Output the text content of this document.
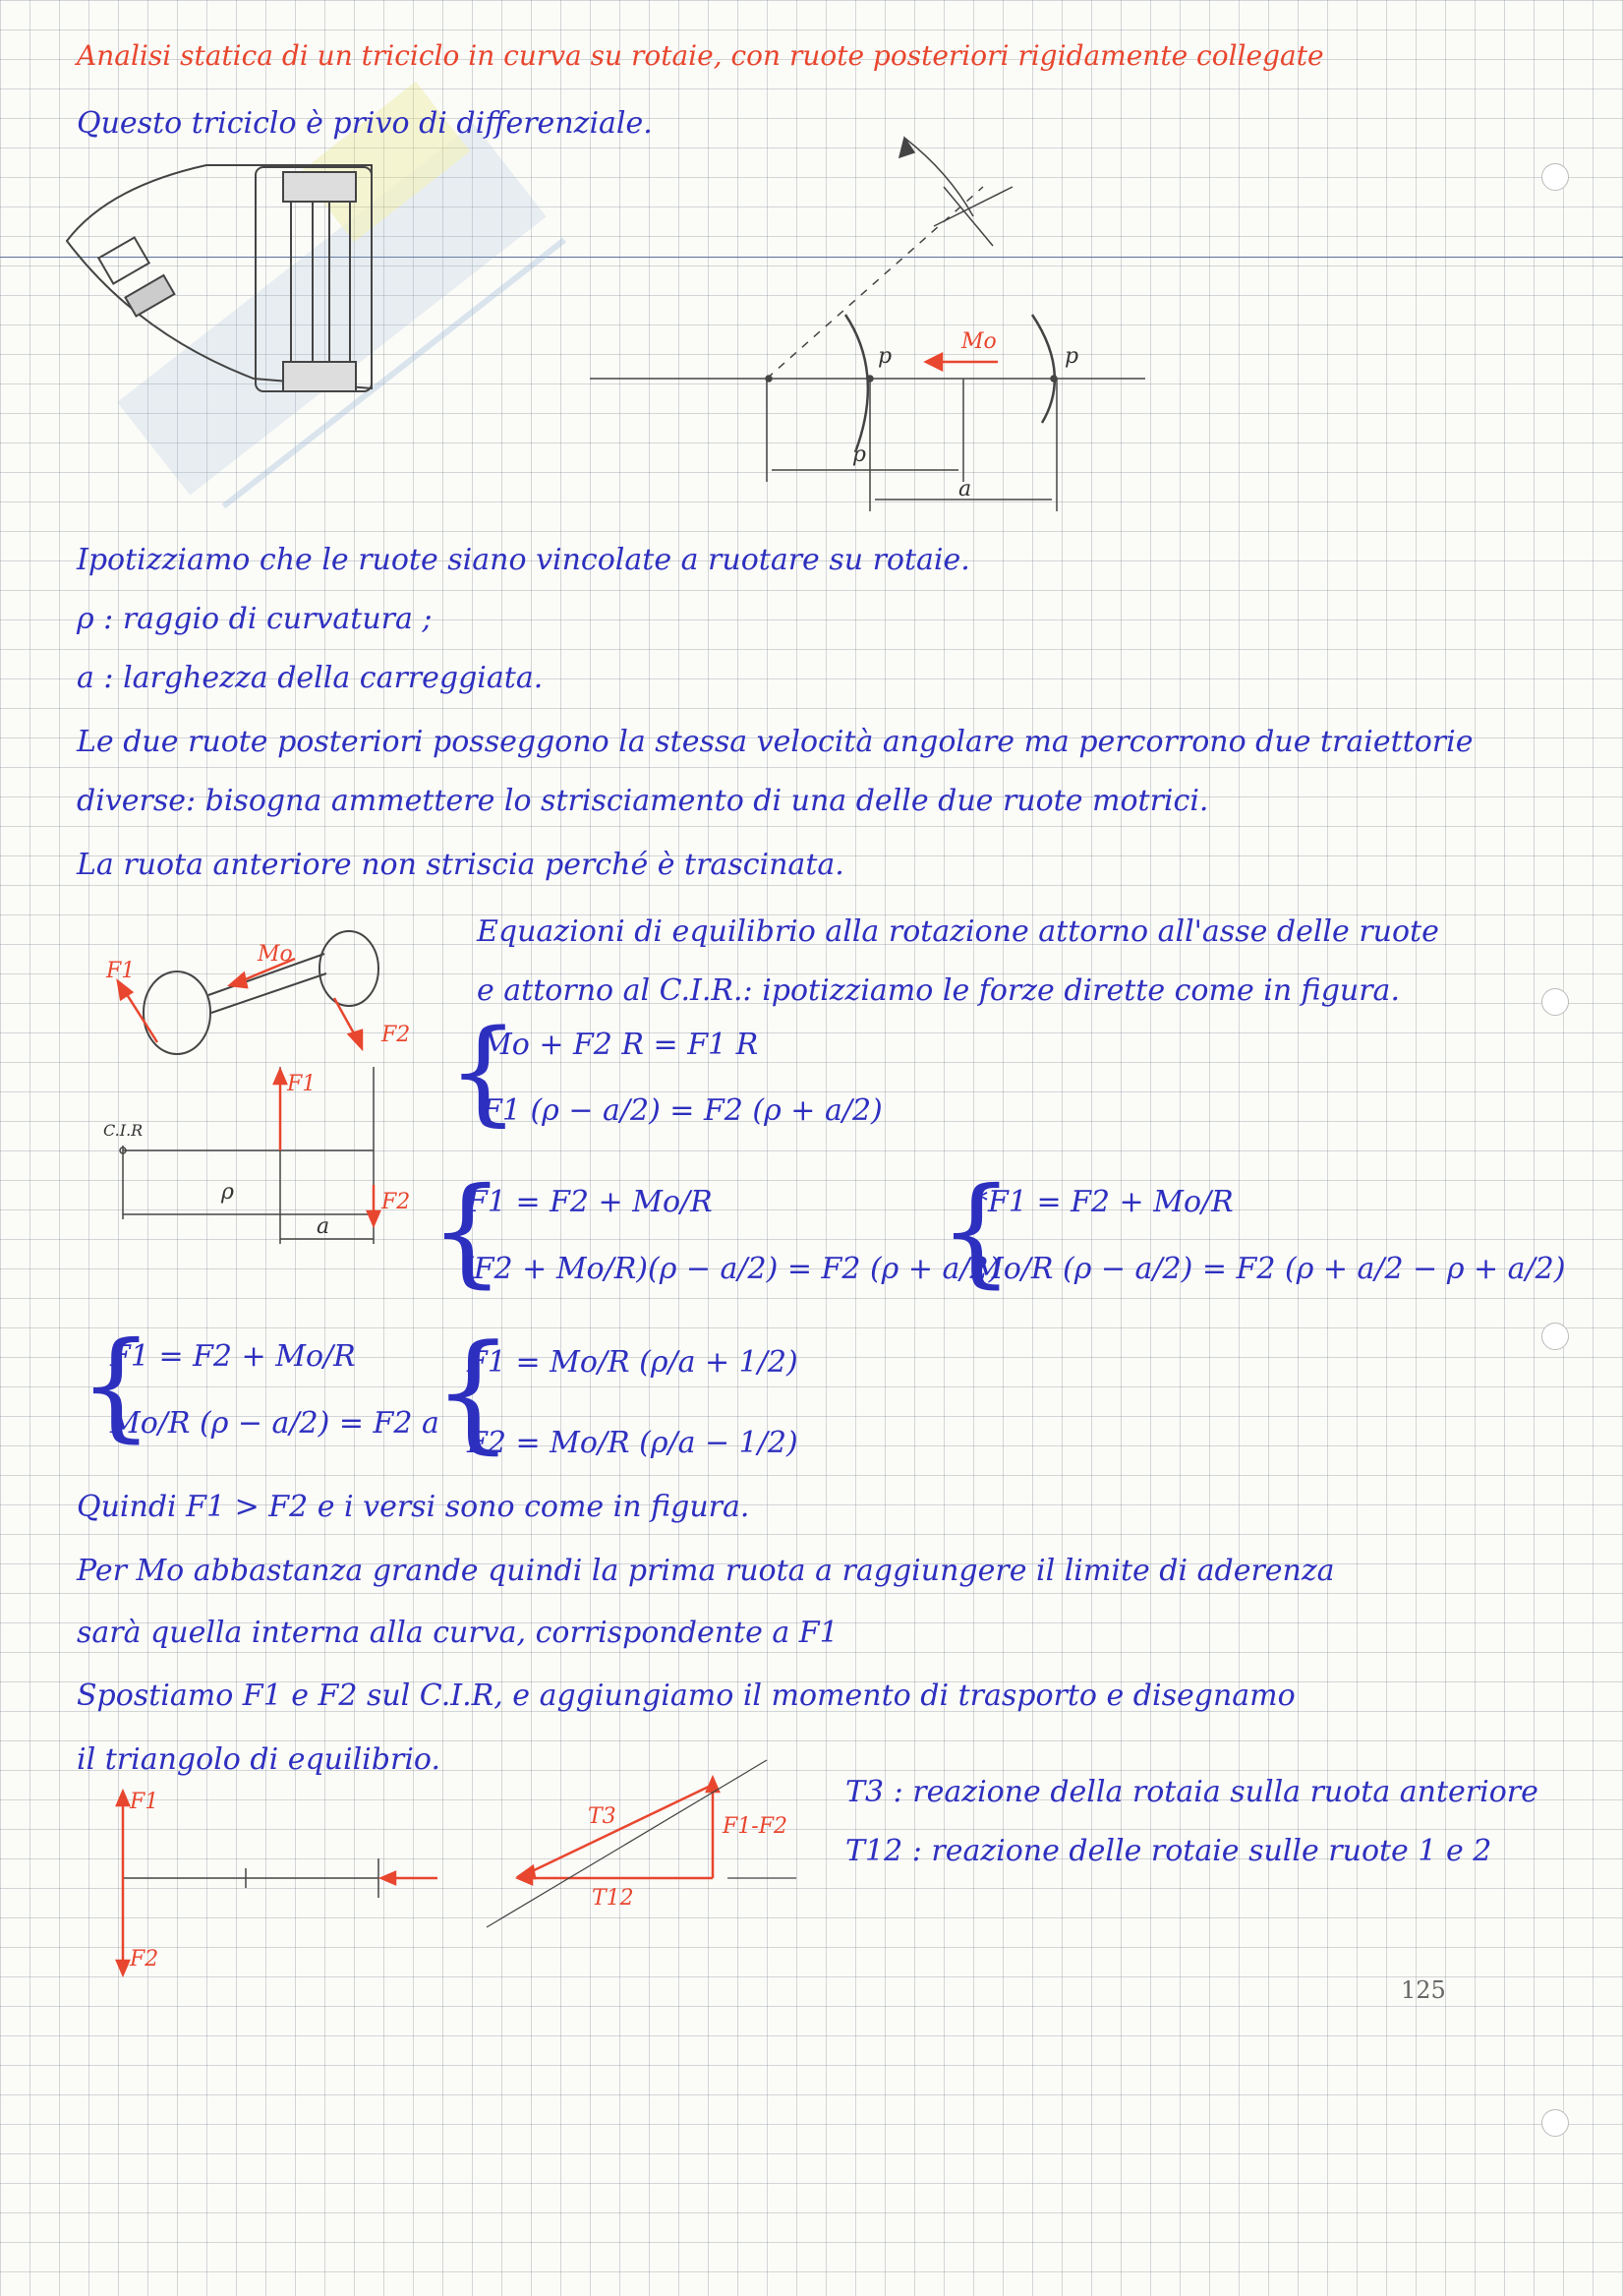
Analisi statica di un triciclo in curva su rotaie, con ruote posteriori rigidamente collegate
Questo triciclo è privo di differenziale.
p	p
Mo
ρ
a
Ipotizziamo che le ruote siano vincolate a ruotare su rotaie.
ρ : raggio di curvatura ;
a : larghezza della carreggiata.
Le due ruote posteriori posseggono la stessa velocità angolare ma percorrono due traiettorie
diverse: bisogna ammettere lo strisciamento di una delle due ruote motrici.
La ruota anteriore non striscia perché è trascinata.
Equazioni di equilibrio alla rotazione attorno all'asse delle ruote
e attorno al C.I.R.: ipotizziamo le forze dirette come in figura.
F1
F2
Mo
F1
F2
C.I.R
ρ
a
{
Mo + F2 R = F1 R
F1 (ρ − a/2) = F2 (ρ + a/2)
{
F1 = F2 + Mo/R
(F2 + Mo/R)(ρ − a/2) = F2 (ρ + a/2)
{
*F1 = F2 + Mo/R
Mo/R (ρ − a/2) = F2 (ρ + a/2 − ρ + a/2)
{
F1 = F2 + Mo/R
Mo/R (ρ − a/2) = F2 a
{
F1 = Mo/R (ρ/a + 1/2)
F2 = Mo/R (ρ/a − 1/2)
Quindi F1 > F2 e i versi sono come in figura.
Per Mo abbastanza grande quindi la prima ruota a raggiungere il limite di aderenza
sarà quella interna alla curva, corrispondente a F1
Spostiamo F1 e F2 sul C.I.R, e aggiungiamo il momento di trasporto e disegnamo
il triangolo di equilibrio.
F1
F2
T3
T12
F1-F2
T3 : reazione della rotaia sulla ruota anteriore
T12 : reazione delle rotaie sulle ruote 1 e 2
125
